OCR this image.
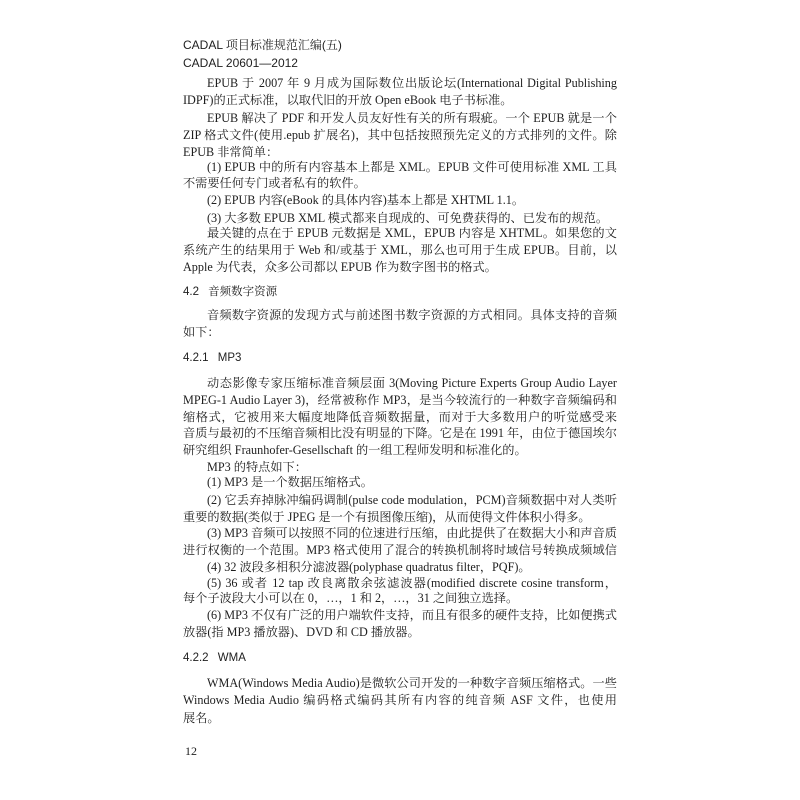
CADAL 项目标准规范汇编(五)
CADAL 20601—2012
EPUB 于 2007 年 9 月成为国际数位出版论坛(International Digital Publishing
IDPF)的正式标准，以取代旧的开放 Open eBook 电子书标准。
EPUB 解决了 PDF 和开发人员友好性有关的所有瑕疵。一个 EPUB 就是一个
ZIP 格式文件(使用.epub 扩展名)，其中包括按照预先定义的方式排列的文件。除
EPUB 非常简单：
(1) EPUB 中的所有内容基本上都是 XML。EPUB 文件可使用标准 XML 工具
不需要任何专门或者私有的软件。
(2) EPUB 内容(eBook 的具体内容)基本上都是 XHTML 1.1。
(3) 大多数 EPUB XML 模式都来自现成的、可免费获得的、已发布的规范。
最关键的点在于 EPUB 元数据是 XML，EPUB 内容是 XHTML。如果您的文
系统产生的结果用于 Web 和/或基于 XML，那么也可用于生成 EPUB。目前，以
Apple 为代表，众多公司都以 EPUB 作为数字图书的格式。
4.2 音频数字资源
音频数字资源的发现方式与前述图书数字资源的方式相同。具体支持的音频
如下：
4.2.1 MP3
动态影像专家压缩标准音频层面 3(Moving Picture Experts Group Audio Layer
MPEG-1 Audio Layer 3)，经常被称作 MP3，是当今较流行的一种数字音频编码和
缩格式，它被用来大幅度地降低音频数据量，而对于大多数用户的听觉感受来
音质与最初的不压缩音频相比没有明显的下降。它是在 1991 年，由位于德国埃尔
研究组织 Fraunhofer-Gesellschaft 的一组工程师发明和标准化的。
MP3 的特点如下：
(1) MP3 是一个数据压缩格式。
(2) 它丢弃掉脉冲编码调制(pulse code modulation，PCM)音频数据中对人类听
重要的数据(类似于 JPEG 是一个有损图像压缩)，从而使得文件体积小得多。
(3) MP3 音频可以按照不同的位速进行压缩，由此提供了在数据大小和声音质
进行权衡的一个范围。MP3 格式使用了混合的转换机制将时域信号转换成频域信
(4) 32 波段多相积分滤波器(polyphase quadratus filter，PQF)。
(5) 36 或者 12 tap 改良离散余弦滤波器(modified discrete cosine transform，
每个子波段大小可以在 0，…，1 和 2，…，31 之间独立选择。
(6) MP3 不仅有广泛的用户端软件支持，而且有很多的硬件支持，比如便携式
放器(指 MP3 播放器)、DVD 和 CD 播放器。
4.2.2 WMA
WMA(Windows Media Audio)是微软公司开发的一种数字音频压缩格式。一些
Windows Media Audio 编码格式编码其所有内容的纯音频 ASF 文件，也使用
展名。
12
